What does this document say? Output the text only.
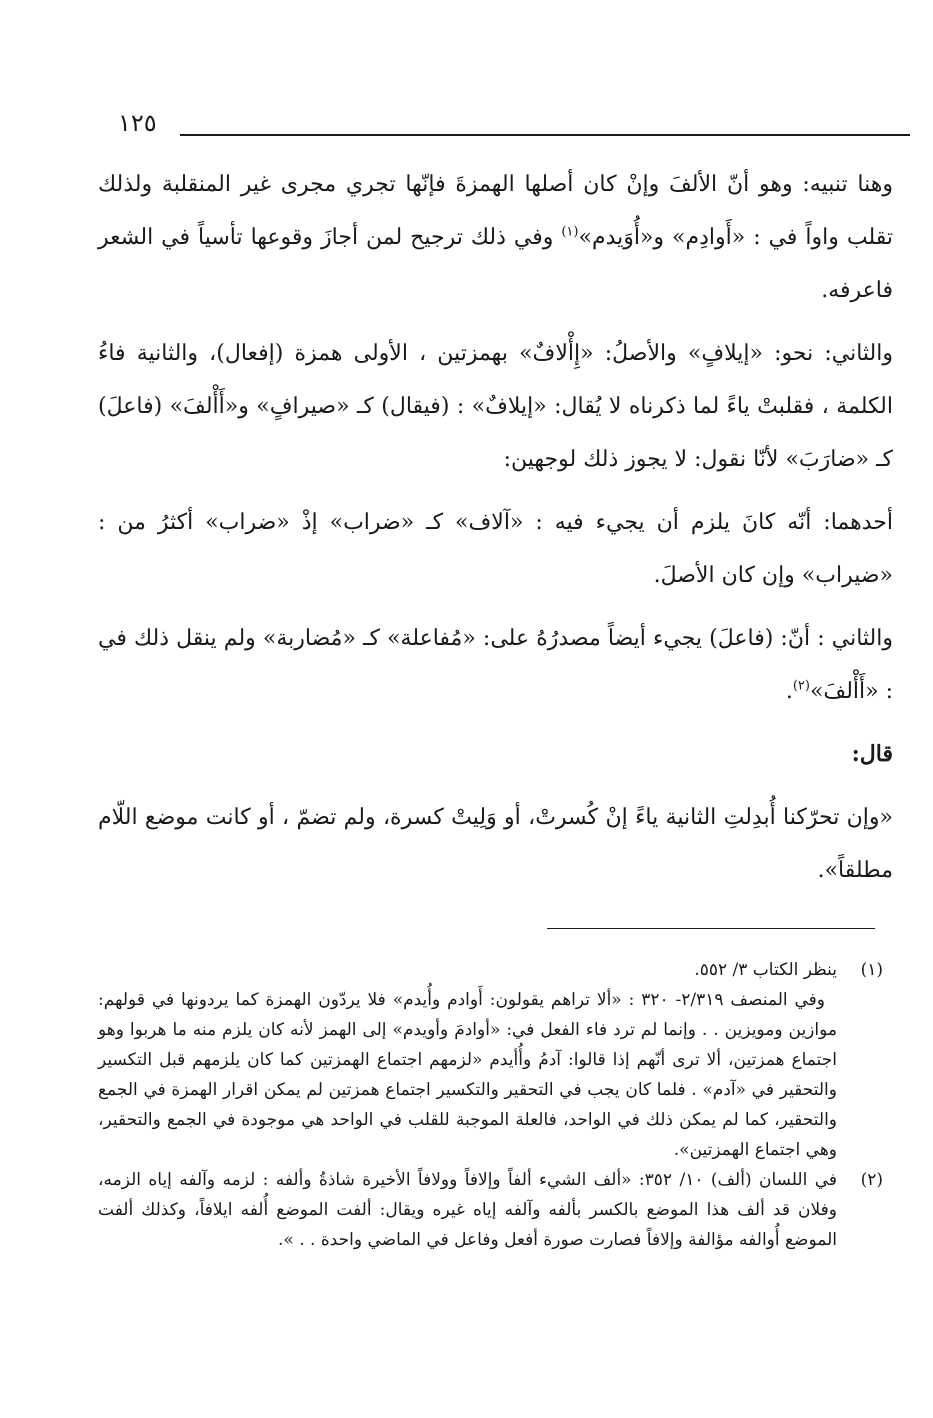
١٢٥

وهنا تنبيه: وهو أنّ الألفَ وإنْ كان أصلها الهمزةَ فإنّها تجري مجرى غير المنقلبة ولذلك تقلب واواً في : «أَوادِم» و«أُوَيدم»$^{(١)}$ وفي ذلك ترجيح لمن أجازَ وقوعها تأسياً في الشعر فاعرفه.

والثاني: نحو: «إيلافٍ» والأصلُ: «إِأْلافٌ» بهمزتين ، الأولى همزة (إفعال)، والثانية فاءُ الكلمة ، فقلبتْ ياءً لما ذكرناه لا يُقال: «إيلافٌ» : (فيقال) كـ «صيرافٍ» و«أَأْلفَ» (فاعلَ) كـ «ضارَبَ» لأنّا نقول: لا يجوز ذلك لوجهين:

أحدهما: أنّه كانَ يلزم أن يجيء فيه : «آلاف» كـ «ضراب» إذْ «ضراب» أكثرُ من : «ضيراب» وإن كان الأصلَ.

والثاني : أنّ: (فاعلَ) يجيء أيضاً مصدرُهُ على: «مُفاعلة» كـ «مُضاربة» ولم ينقل ذلك في : «أَأْلفَ»$^{(٢)}$.

قال:

«وإن تحرّكنا أُبدِلتِ الثانية ياءً إنْ كُسرتْ، أو وَلِيتْ كسرة، ولم تضمّ ، أو كانت موضع اللّام مطلقاً».

(١)

ينظر الكتاب ٣/ ٥٥٢.

وفي المنصف ٢/٣١٩- ٣٢٠ : «ألا تراهم يقولون: أَوادم وأُيدم» فلا يردّون الهمزة كما يردونها في قولهم: موازين ومويزين . . وإنما لم ترد فاء الفعل في: «أوادمَ وأويدم» إلى الهمز لأنه كان يلزم منه ما هربوا وهو اجتماع همزتين، ألا ترى أنّهم إذا قالوا: آدمُ وأُأيدم «لزمهم اجتماع الهمزتين كما كان يلزمهم قبل التكسير والتحقير في «آدم» . فلما كان يجب في التحقير والتكسير اجتماع همزتين لم يمكن اقرار الهمزة في الجمع والتحقير، كما لم يمكن ذلك في الواحد، فالعلة الموجبة للقلب في الواحد هي موجودة في الجمع والتحقير، وهي اجتماع الهمزتين».

(٢)

في اللسان (ألف) ١٠/ ٣٥٢: «ألف الشيء ألفاً وإلافاً وولافاً الأخيرة شاذةُ وألفه : لزمه وآلفه إياه الزمه، وفلان قد ألف هذا الموضع بالكسر بألفه وآلفه إياه غيره ويقال: ألفت الموضع أُلفه ايلافاً، وكذلك ألفت الموضع أُوالفه مؤالفة وإلافاً فصارت صورة أفعل وفاعل في الماضي واحدة . . ».
